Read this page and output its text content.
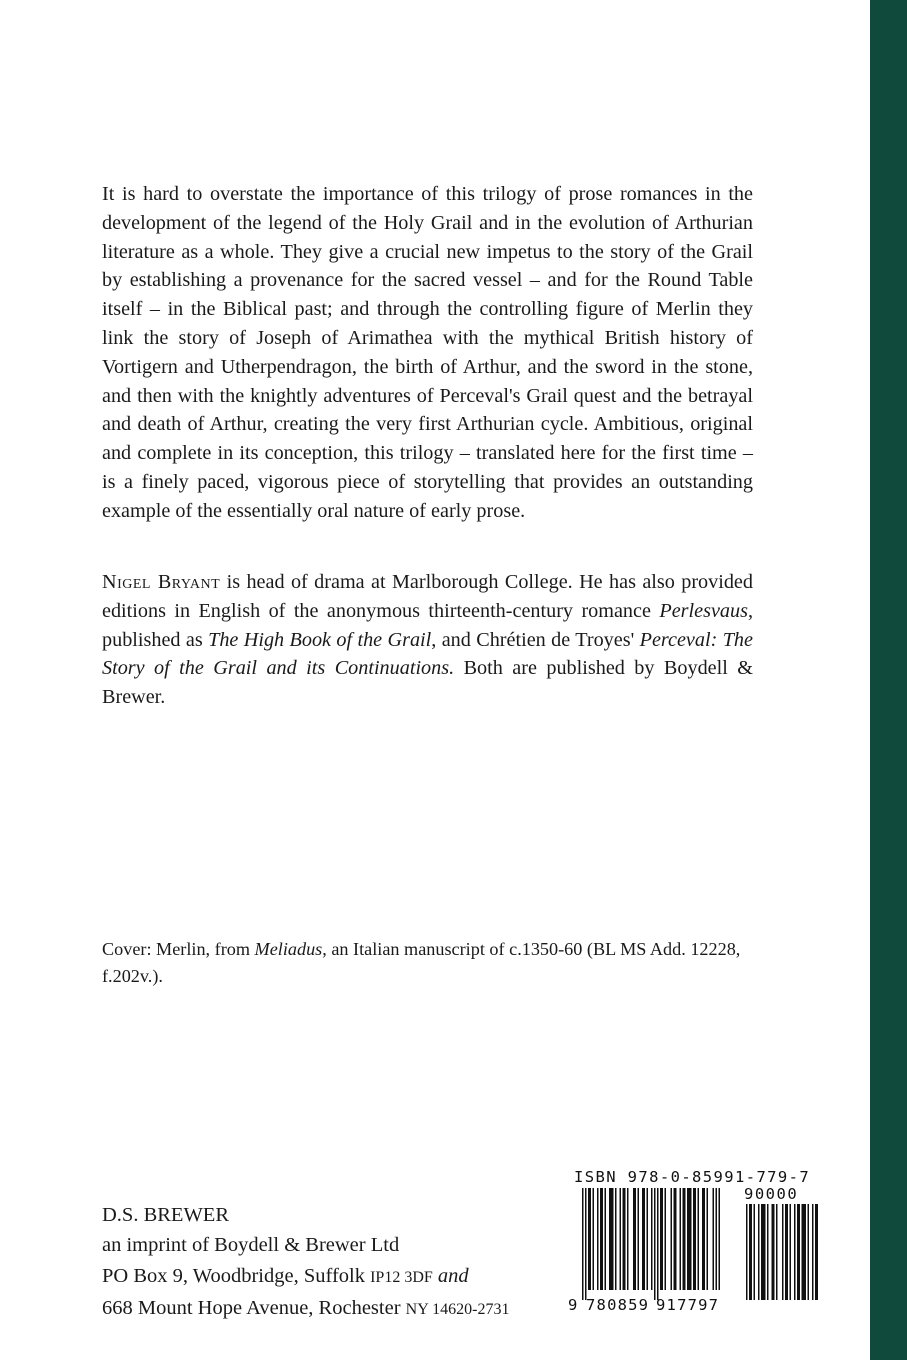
It is hard to overstate the importance of this trilogy of prose romances in the development of the legend of the Holy Grail and in the evolution of Arthurian literature as a whole. They give a crucial new impetus to the story of the Grail by establishing a provenance for the sacred vessel – and for the Round Table itself – in the Biblical past; and through the controlling figure of Merlin they link the story of Joseph of Arimathea with the mythical British history of Vortigern and Utherpendragon, the birth of Arthur, and the sword in the stone, and then with the knightly adventures of Perceval's Grail quest and the betrayal and death of Arthur, creating the very first Arthurian cycle. Ambitious, original and complete in its conception, this trilogy – translated here for the first time – is a finely paced, vigorous piece of storytelling that provides an outstanding example of the essentially oral nature of early prose.

Nigel Bryant is head of drama at Marlborough College. He has also provided editions in English of the anonymous thirteenth-century romance Perlesvaus, published as The High Book of the Grail, and Chrétien de Troyes' Perceval: The Story of the Grail and its Continuations. Both are published by Boydell & Brewer.

Cover: Merlin, from Meliadus, an Italian manuscript of c.1350-60 (BL MS Add. 12228, f.202v.).

D.S. BREWER
an imprint of Boydell & Brewer Ltd
PO Box 9, Woodbridge, Suffolk IP12 3DF and
668 Mount Hope Avenue, Rochester NY 14620-2731
ISBN 978-0-85991-779-7
90000
9 780859 917797
